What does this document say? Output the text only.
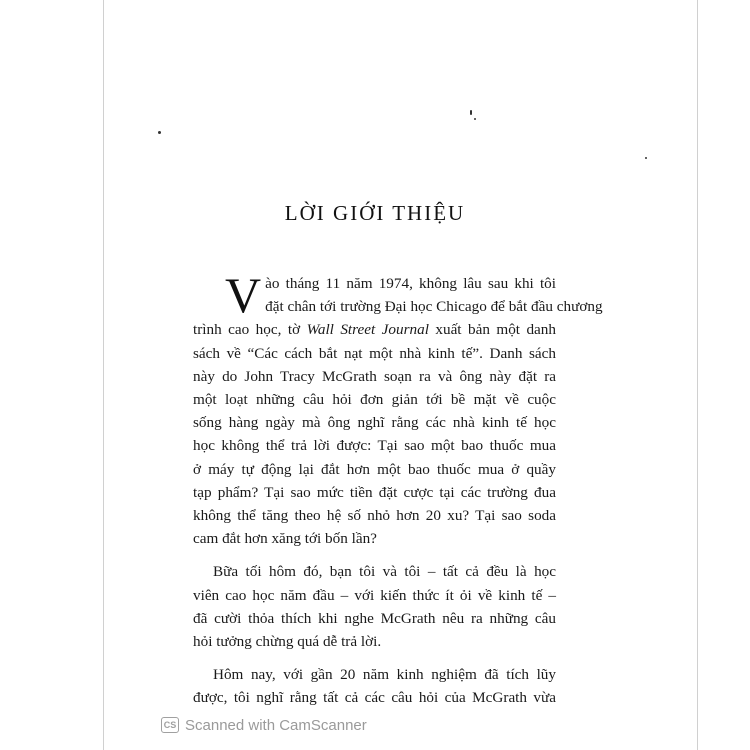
LỜI GIỚI THIỆU

V ào tháng 11 năm 1974, không lâu sau khi tôi
đặt chân tới trường Đại học Chicago để bắt đầu chương
trình cao học, tờ Wall Street Journal xuất bản một danh
sách về “Các cách bắt nạt một nhà kinh tế”. Danh sách
này do John Tracy McGrath soạn ra và ông này đặt ra
một loạt những câu hỏi đơn giản tới bề mặt về cuộc
sống hàng ngày mà ông nghĩ rằng các nhà kinh tế học
học không thể trả lời được: Tại sao một bao thuốc mua
ở máy tự động lại đắt hơn một bao thuốc mua ở quầy
tạp phẩm? Tại sao mức tiền đặt cược tại các trường đua
không thể tăng theo hệ số nhỏ hơn 20 xu? Tại sao soda
cam đắt hơn xăng tới bốn lần?

Bữa tối hôm đó, bạn tôi và tôi – tất cả đều là học
viên cao học năm đầu – với kiến thức ít ỏi về kinh tế –
đã cười thỏa thích khi nghe McGrath nêu ra những câu
hỏi tưởng chừng quá dễ trả lời.

Hôm nay, với gần 20 năm kinh nghiệm đã tích lũy
được, tôi nghĩ rằng tất cả các câu hỏi của McGrath vừa

CS Scanned with CamScanner
